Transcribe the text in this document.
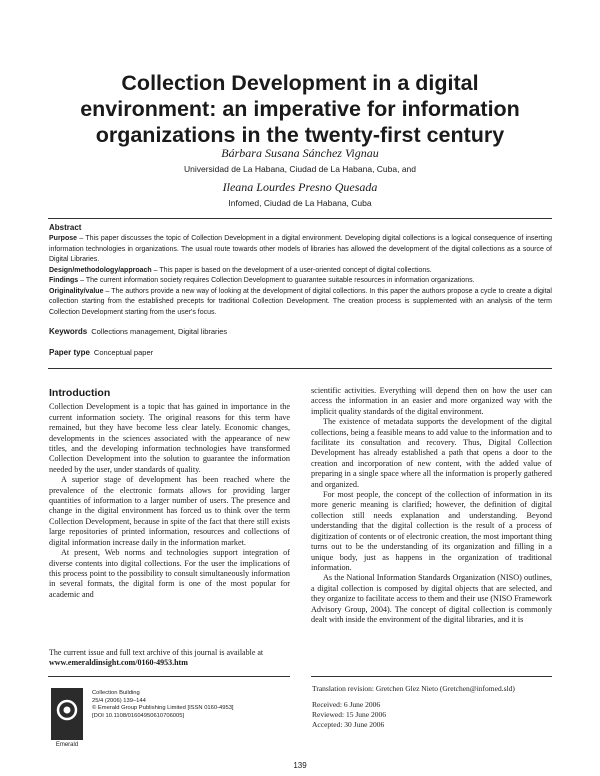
Collection Development in a digital
environment: an imperative for information
organizations in the twenty-first century

Bárbara Susana Sánchez Vignau

Universidad de La Habana, Ciudad de La Habana, Cuba, and

Ileana Lourdes Presno Quesada

Infomed, Ciudad de La Habana, Cuba

Abstract

Purpose – This paper discusses the topic of Collection Development in a digital environment. Developing digital collections is a logical consequence of inserting information technologies in organizations. The usual route towards other models of libraries has allowed the development of the digital collections as a source of Digital Libraries.

Design/methodology/approach – This paper is based on the development of a user-oriented concept of digital collections.

Findings – The current information society requires Collection Development to guarantee suitable resources in information organizations.

Originality/value – The authors provide a new way of looking at the development of digital collections. In this paper the authors propose a cycle to create a digital collection starting from the established precepts for traditional Collection Development. The creation process is supplemented with an analysis of the term Collection Development starting from the user's focus.

Keywords Collections management, Digital libraries

Paper type Conceptual paper

Introduction

Collection Development is a topic that has gained in importance in the current information society. The original reasons for this term have remained, but they have become less clear lately. Economic changes, developments in the sciences associated with the appearance of new titles, and the developing information technologies have transformed Collection Development into the solution to guarantee the information needed by the user, under standards of quality.

A superior stage of development has been reached where the prevalence of the electronic formats allows for providing larger quantities of information to a larger number of users. The presence and change in the digital environment has forced us to think over the term Collection Development, because in spite of the fact that there still exists large repositories of printed information, resources and collections of digital information increase daily in the information market.

At present, Web norms and technologies support integration of diverse contents into digital collections. For the user the implications of this process point to the possibility to consult simultaneously information in several formats, the digital form is one of the most popular for academic and

scientific activities. Everything will depend then on how the user can access the information in an easier and more organized way with the implicit quality standards of the digital environment.

The existence of metadata supports the development of the digital collections, being a feasible means to add value to the information and to facilitate its consultation and recovery. Thus, Digital Collection Development has already established a path that opens a door to the creation and incorporation of new content, with the added value of preparing in a single space where all the information is properly gathered and organized.

For most people, the concept of the collection of information in its more generic meaning is clarified; however, the definition of digital collection still needs explanation and understanding. Beyond understanding that the digital collection is the result of a process of digitization of contents or of electronic creation, the most important thing turns out to be the understanding of its organization and filling in a unique body, just as happens in the organization of traditional information.

As the National Information Standards Organization (NISO) outlines, a digital collection is composed by digital objects that are selected, and they organize to facilitate access to them and their use (NISO Framework Advisory Group, 2004). The concept of digital collection is commonly dealt with inside the environment of the digital libraries, and it is

The current issue and full text archive of this journal is available at
www.emeraldinsight.com/0160-4953.htm
Emerald
Collection Building
25/4 (2006) 139–144
© Emerald Group Publishing Limited [ISSN 0160-4953]
[DOI 10.1108/01604950610706005]
Translation revision: Gretchen Glez Nieto (Gretchen@infomed.sld)
Received: 6 June 2006
Reviewed: 15 June 2006
Accepted: 30 June 2006
139
